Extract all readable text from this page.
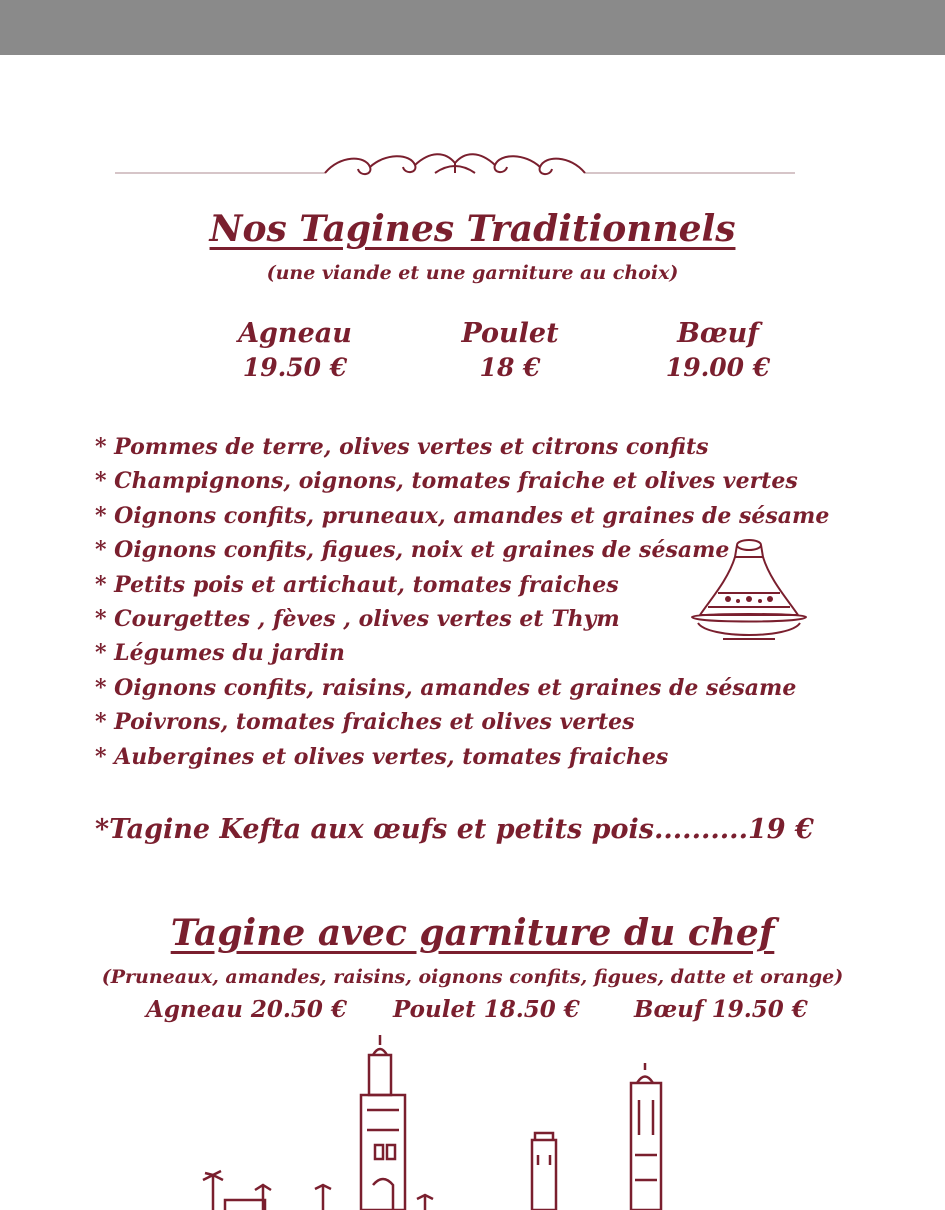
Nos Tagines Traditionnels
(une viande et une garniture au choix)
Agneau
19.50 €
Poulet
18 €
Bœuf
19.00 €
* Pommes de terre, olives vertes et citrons confits
* Champignons, oignons, tomates fraiche et olives vertes
* Oignons confits, pruneaux, amandes et graines de sésame
* Oignons confits, figues, noix et graines de sésame
* Petits pois et artichaut, tomates fraiches
* Courgettes , fèves , olives vertes et Thym
* Légumes du jardin
* Oignons confits, raisins, amandes et graines de sésame
* Poivrons, tomates fraiches et olives vertes
* Aubergines et olives vertes, tomates fraiches
*Tagine Kefta aux œufs et petits pois..........19 €
Tagine avec garniture du chef
(Pruneaux, amandes, raisins, oignons confits, figues, datte et orange)
Agneau 20.50 € Poulet 18.50 € Bœuf 19.50 €
